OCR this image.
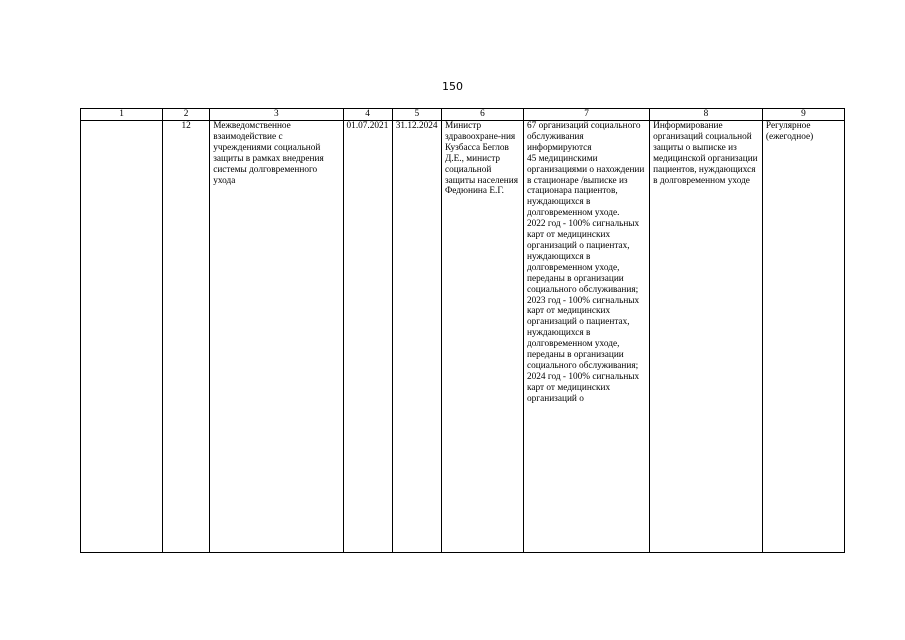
150
1	2	3	4	5	6	7	8	9
	12	Межведомственное взаимодействие с учреждениями социальной защиты в рамках внедрения системы долговременного ухода	01.07.2021	31.12.2024	Министр здравоохране-ния Кузбасса Беглов Д.Е., министр социальной защиты населения Федюнина Е.Г.	67 организаций социального обслуживания информируются
45 медицинскими организациями о нахождении в стационаре /выписке из стационара пациентов, нуждающихся в долговременном уходе.
2022 год - 100% сигнальных карт от медицинских организаций о пациентах, нуждающихся в долговременном уходе, переданы в организации социального обслуживания;
2023 год - 100% сигнальных карт от медицинских организаций о пациентах, нуждающихся в долговременном уходе, переданы в организации социального обслуживания;
2024 год - 100% сигнальных карт от медицинских организаций о	Информирование организаций социальной защиты о выписке из медицинской организации пациентов, нуждающихся в долговременном уходе	Регулярное (ежегодное)
